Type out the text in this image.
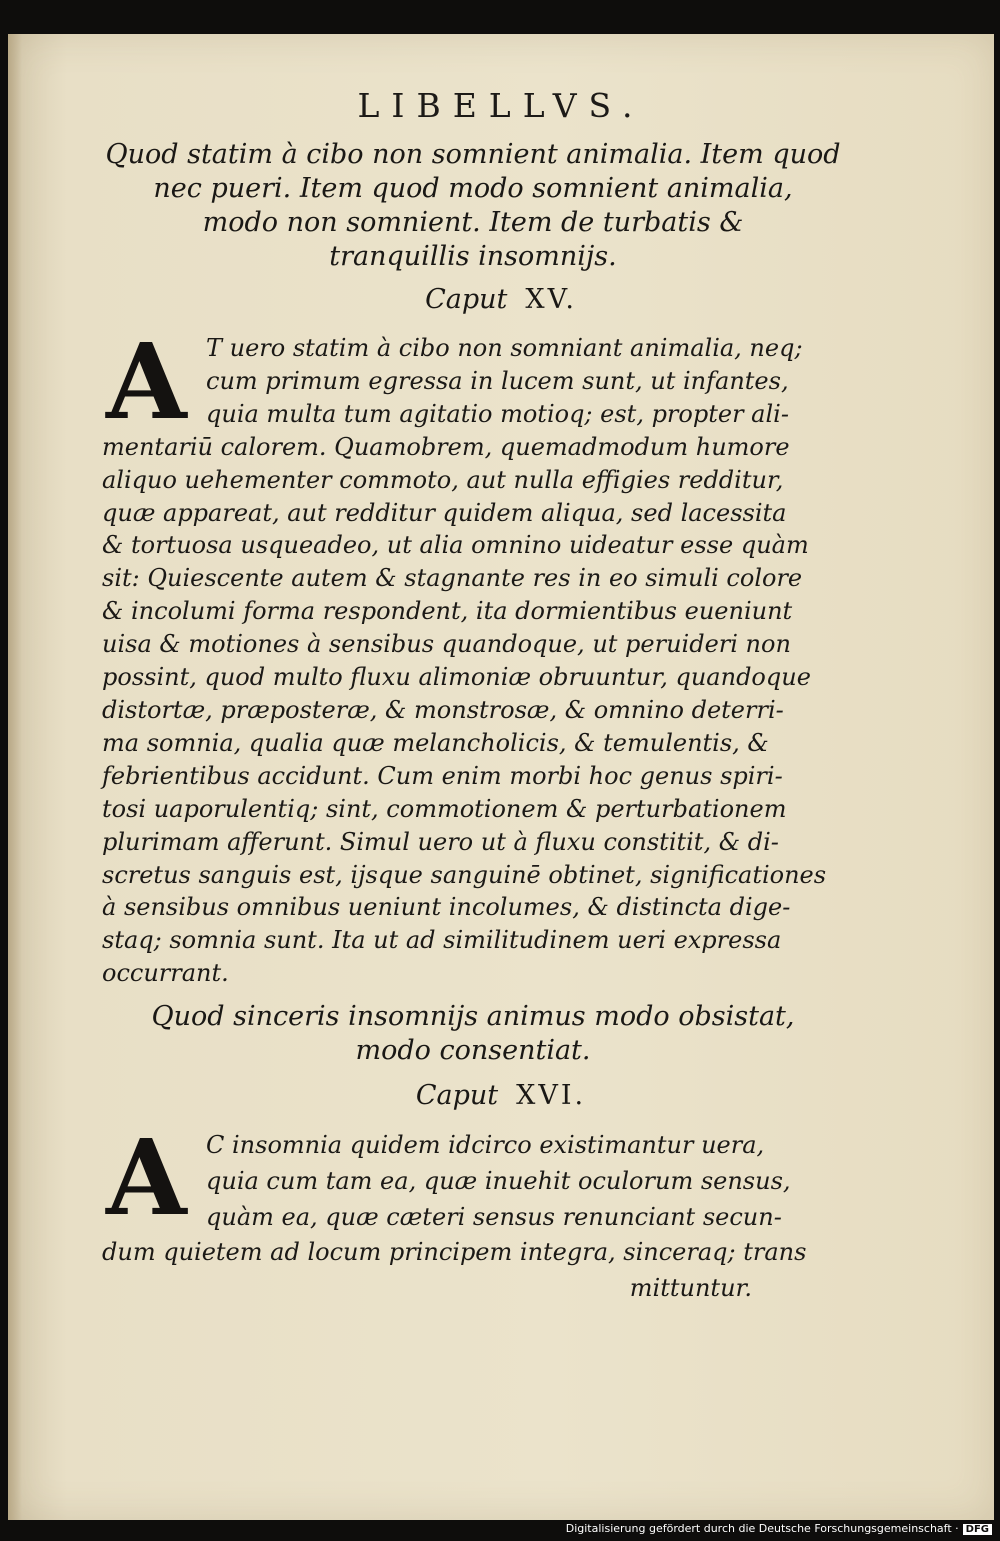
LIBELLVS.
Quod statim à cibo non somnient animalia. Item quod
nec pueri. Item quod modo somnient animalia,
modo non somnient. Item de turbatis &
tranquillis insomnijs.
Caput XV.
A T uero statim à cibo non somniant animalia, neq;
cum primum egressa in lucem sunt, ut infantes,
quia multa tum agitatio motioq; est, propter ali-
mentariū calorem. Quamobrem, quemadmodum humore
aliquo uehementer commoto, aut nulla effigies redditur,
quæ appareat, aut redditur quidem aliqua, sed lacessita
& tortuosa usqueadeo, ut alia omnino uideatur esse quàm
sit: Quiescente autem & stagnante res in eo simuli colore
& incolumi forma respondent, ita dormientibus eueniunt
uisa & motiones à sensibus quandoque, ut peruideri non
possint, quod multo fluxu alimoniæ obruuntur, quandoque
distortæ, præposteræ, & monstrosæ, & omnino deterri-
ma somnia, qualia quæ melancholicis, & temulentis, &
febrientibus accidunt. Cum enim morbi hoc genus spiri-
tosi uaporulentiq; sint, commotionem & perturbationem
plurimam afferunt. Simul uero ut à fluxu constitit, & di-
scretus sanguis est, ijsque sanguinē obtinet, significationes
à sensibus omnibus ueniunt incolumes, & distincta dige-
staq; somnia sunt. Ita ut ad similitudinem ueri expressa
occurrant.
Quod sinceris insomnijs animus modo obsistat,
modo consentiat.
Caput XVI.
A C insomnia quidem idcirco existimantur uera,
quia cum tam ea, quæ inuehit oculorum sensus,
quàm ea, quæ cæteri sensus renunciant secun-
dum quietem ad locum principem integra, sinceraq; trans
mittuntur.
Digitalisierung gefördert durch die Deutsche Forschungsgemeinschaft · DFG
